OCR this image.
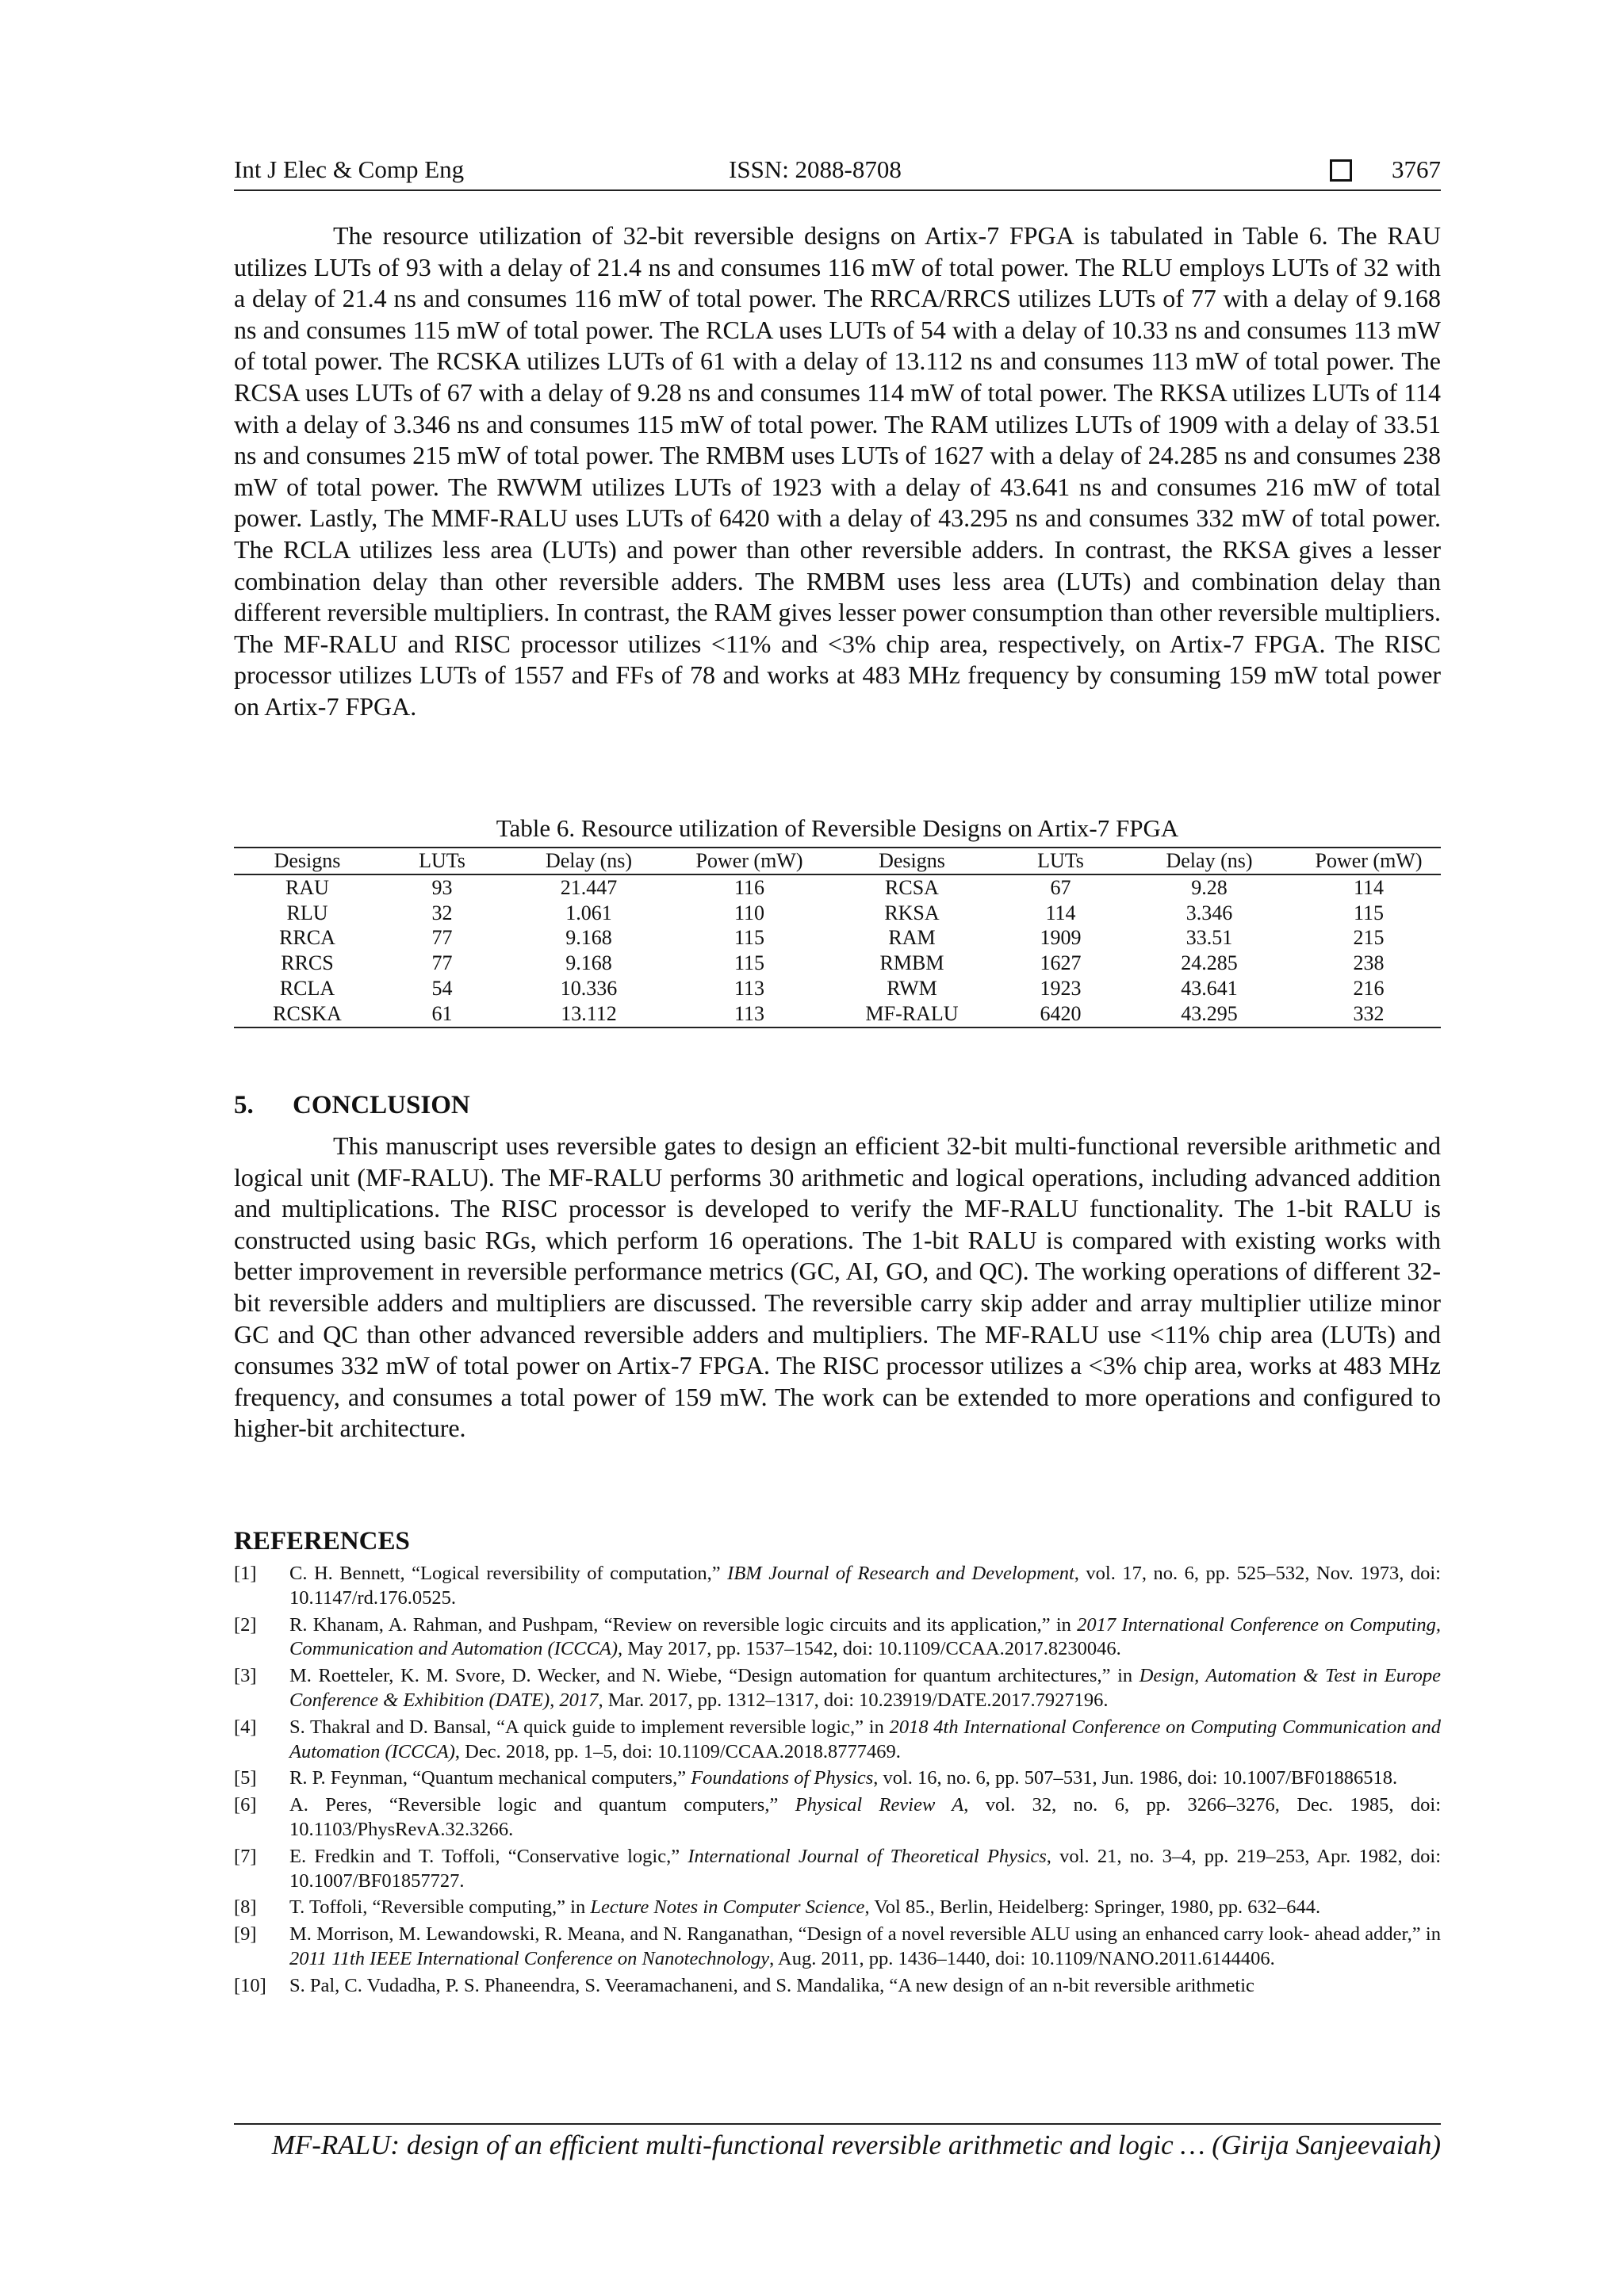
Int J Elec & Comp Eng	ISSN: 2088-8708	3767

The resource utilization of 32-bit reversible designs on Artix-7 FPGA is tabulated in Table 6. The RAU utilizes LUTs of 93 with a delay of 21.4 ns and consumes 116 mW of total power. The RLU employs LUTs of 32 with a delay of 21.4 ns and consumes 116 mW of total power. The RRCA/RRCS utilizes LUTs of 77 with a delay of 9.168 ns and consumes 115 mW of total power. The RCLA uses LUTs of 54 with a delay of 10.33 ns and consumes 113 mW of total power. The RCSKA utilizes LUTs of 61 with a delay of 13.112 ns and consumes 113 mW of total power. The RCSA uses LUTs of 67 with a delay of 9.28 ns and consumes 114 mW of total power. The RKSA utilizes LUTs of 114 with a delay of 3.346 ns and consumes 115 mW of total power. The RAM utilizes LUTs of 1909 with a delay of 33.51 ns and consumes 215 mW of total power. The RMBM uses LUTs of 1627 with a delay of 24.285 ns and consumes 238 mW of total power. The RWWM utilizes LUTs of 1923 with a delay of 43.641 ns and consumes 216 mW of total power. Lastly, The MMF-RALU uses LUTs of 6420 with a delay of 43.295 ns and consumes 332 mW of total power. The RCLA utilizes less area (LUTs) and power than other reversible adders. In contrast, the RKSA gives a lesser combination delay than other reversible adders. The RMBM uses less area (LUTs) and combination delay than different reversible multipliers. In contrast, the RAM gives lesser power consumption than other reversible multipliers. The MF-RALU and RISC processor utilizes <11% and <3% chip area, respectively, on Artix-7 FPGA. The RISC processor utilizes LUTs of 1557 and FFs of 78 and works at 483 MHz frequency by consuming 159 mW total power on Artix-7 FPGA.

Table 6. Resource utilization of Reversible Designs on Artix-7 FPGA
Designs	LUTs	Delay (ns)	Power (mW)	Designs	LUTs	Delay (ns)	Power (mW)
RAU	93	21.447	116	RCSA	67	9.28	114
RLU	32	1.061	110	RKSA	114	3.346	115
RRCA	77	9.168	115	RAM	1909	33.51	215
RRCS	77	9.168	115	RMBM	1627	24.285	238
RCLA	54	10.336	113	RWM	1923	43.641	216
RCSKA	61	13.112	113	MF-RALU	6420	43.295	332
5. CONCLUSION

This manuscript uses reversible gates to design an efficient 32-bit multi-functional reversible arithmetic and logical unit (MF-RALU). The MF-RALU performs 30 arithmetic and logical operations, including advanced addition and multiplications. The RISC processor is developed to verify the MF-RALU functionality. The 1-bit RALU is constructed using basic RGs, which perform 16 operations. The 1-bit RALU is compared with existing works with better improvement in reversible performance metrics (GC, AI, GO, and QC). The working operations of different 32-bit reversible adders and multipliers are discussed. The reversible carry skip adder and array multiplier utilize minor GC and QC than other advanced reversible adders and multipliers. The MF-RALU use <11% chip area (LUTs) and consumes 332 mW of total power on Artix-7 FPGA. The RISC processor utilizes a <3% chip area, works at 483 MHz frequency, and consumes a total power of 159 mW. The work can be extended to more operations and configured to higher-bit architecture.

REFERENCES
[1] C. H. Bennett, “Logical reversibility of computation,” IBM Journal of Research and Development, vol. 17, no. 6, pp. 525–532, Nov. 1973, doi: 10.1147/rd.176.0525.
[2] R. Khanam, A. Rahman, and Pushpam, “Review on reversible logic circuits and its application,” in 2017 International Conference on Computing, Communication and Automation (ICCCA), May 2017, pp. 1537–1542, doi: 10.1109/CCAA.2017.8230046.
[3] M. Roetteler, K. M. Svore, D. Wecker, and N. Wiebe, “Design automation for quantum architectures,” in Design, Automation & Test in Europe Conference & Exhibition (DATE), 2017, Mar. 2017, pp. 1312–1317, doi: 10.23919/DATE.2017.7927196.
[4] S. Thakral and D. Bansal, “A quick guide to implement reversible logic,” in 2018 4th International Conference on Computing Communication and Automation (ICCCA), Dec. 2018, pp. 1–5, doi: 10.1109/CCAA.2018.8777469.
[5] R. P. Feynman, “Quantum mechanical computers,” Foundations of Physics, vol. 16, no. 6, pp. 507–531, Jun. 1986, doi: 10.1007/BF01886518.
[6] A. Peres, “Reversible logic and quantum computers,” Physical Review A, vol. 32, no. 6, pp. 3266–3276, Dec. 1985, doi: 10.1103/PhysRevA.32.3266.
[7] E. Fredkin and T. Toffoli, “Conservative logic,” International Journal of Theoretical Physics, vol. 21, no. 3–4, pp. 219–253, Apr. 1982, doi: 10.1007/BF01857727.
[8] T. Toffoli, “Reversible computing,” in Lecture Notes in Computer Science, Vol 85., Berlin, Heidelberg: Springer, 1980, pp. 632–644.
[9] M. Morrison, M. Lewandowski, R. Meana, and N. Ranganathan, “Design of a novel reversible ALU using an enhanced carry look- ahead adder,” in 2011 11th IEEE International Conference on Nanotechnology, Aug. 2011, pp. 1436–1440, doi: 10.1109/NANO.2011.6144406.
[10] S. Pal, C. Vudadha, P. S. Phaneendra, S. Veeramachaneni, and S. Mandalika, “A new design of an n-bit reversible arithmetic
MF-RALU: design of an efficient multi-functional reversible arithmetic and logic … (Girija Sanjeevaiah)
